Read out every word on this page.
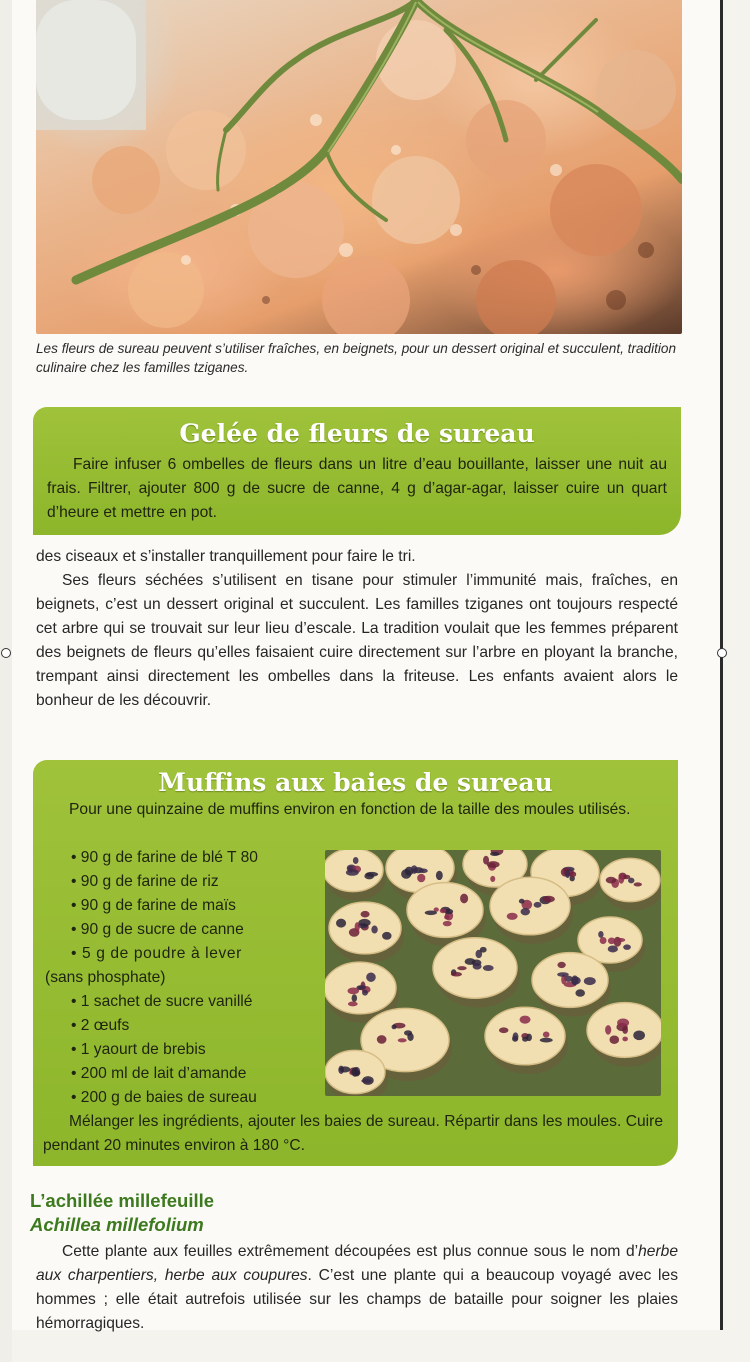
Les fleurs de sureau peuvent s’utiliser fraîches, en beignets, pour un dessert original et succulent, tradition culinaire chez les familles tziganes.
Gelée de fleurs de sureau
Faire infuser 6 ombelles de fleurs dans un litre d’eau bouillante, laisser une nuit au frais. Filtrer, ajouter 800 g de sucre de canne, 4 g d’agar-agar, laisser cuire un quart d’heure et mettre en pot.
des ciseaux et s’installer tranquillement pour faire le tri.
Ses fleurs séchées s’utilisent en tisane pour stimuler l’immunité mais, fraîches, en beignets, c’est un dessert original et succulent. Les familles tziganes ont toujours respecté cet arbre qui se trouvait sur leur lieu d’escale. La tradition voulait que les femmes préparent des beignets de fleurs qu’elles faisaient cuire directement sur l’arbre en ployant la branche, trempant ainsi directement les ombelles dans la friteuse. Les enfants avaient alors le bonheur de les découvrir.
Muffins aux baies de sureau
Pour une quinzaine de muffins environ en fonction de la taille des moules utilisés.
• 90 g de farine de blé T 80
• 90 g de farine de riz
• 90 g de farine de maïs
• 90 g de sucre de canne
• 5 g de poudre à lever
(sans phosphate)
• 1 sachet de sucre vanillé
• 2 œufs
• 1 yaourt de brebis
• 200 ml de lait d’amande
• 200 g de baies de sureau
Mélanger les ingrédients, ajouter les baies de sureau. Répartir dans les moules. Cuire pendant 20 minutes environ à 180 °C.
L’achillée millefeuille
Achillea millefolium
Cette plante aux feuilles extrêmement découpées est plus connue sous le nom d’herbe aux charpentiers, herbe aux coupures. C’est une plante qui a beaucoup voyagé avec les hommes ; elle était autrefois utilisée sur les champs de bataille pour soigner les plaies hémorragiques.
